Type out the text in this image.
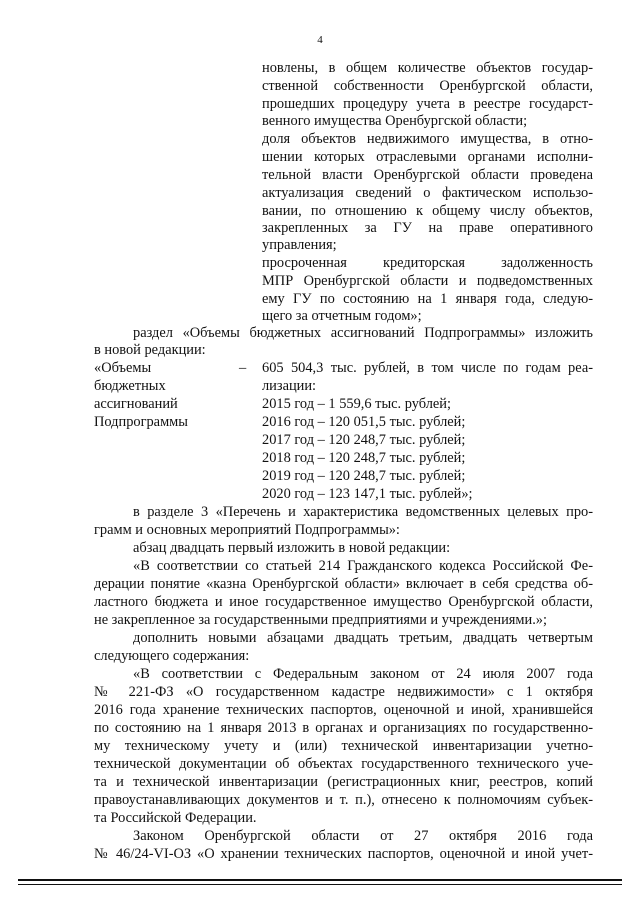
4
новлены, в общем количестве объектов государ-
ственной собственности Оренбургской области,
прошедших процедуру учета в реестре государст-
венного имущества Оренбургской области;
доля объектов недвижимого имущества, в отно-
шении которых отраслевыми органами исполни-
тельной власти Оренбургской области проведена
актуализация сведений о фактическом использо-
вании, по отношению к общему числу объектов,
закрепленных за ГУ на праве оперативного
управления;
просроченная кредиторская задолженность
МПР Оренбургской области и подведомственных
ему ГУ по состоянию на 1 января года, следую-
щего за отчетным годом»;
раздел «Объемы бюджетных ассигнований Подпрограммы» изложить
в новой редакции:
«Объемы
бюджетных
ассигнований
Подпрограммы
– 605 504,3 тыс. рублей, в том числе по годам реа-
лизации:
2015 год – 1 559,6 тыс. рублей;
2016 год – 120 051,5 тыс. рублей;
2017 год – 120 248,7 тыс. рублей;
2018 год – 120 248,7 тыс. рублей;
2019 год – 120 248,7 тыс. рублей;
2020 год – 123 147,1 тыс. рублей»;
в разделе 3 «Перечень и характеристика ведомственных целевых про-
грамм и основных мероприятий Подпрограммы»:
абзац двадцать первый изложить в новой редакции:
«В соответствии со статьей 214 Гражданского кодекса Российской Фе-
дерации понятие «казна Оренбургской области» включает в себя средства об-
ластного бюджета и иное государственное имущество Оренбургской области,
не закрепленное за государственными предприятиями и учреждениями.»;
дополнить новыми абзацами двадцать третьим, двадцать четвертым
следующего содержания:
«В соответствии с Федеральным законом от 24 июля 2007 года
№ 221-ФЗ «О государственном кадастре недвижимости» с 1 октября
2016 года хранение технических паспортов, оценочной и иной, хранившейся
по состоянию на 1 января 2013 в органах и организациях по государственно-
му техническому учету и (или) технической инвентаризации учетно-
технической документации об объектах государственного технического уче-
та и технической инвентаризации (регистрационных книг, реестров, копий
правоустанавливающих документов и т. п.), отнесено к полномочиям субъек-
та Российской Федерации.
Законом Оренбургской области от 27 октября 2016 года
№ 46/24-VI-ОЗ «О хранении технических паспортов, оценочной и иной учет-
